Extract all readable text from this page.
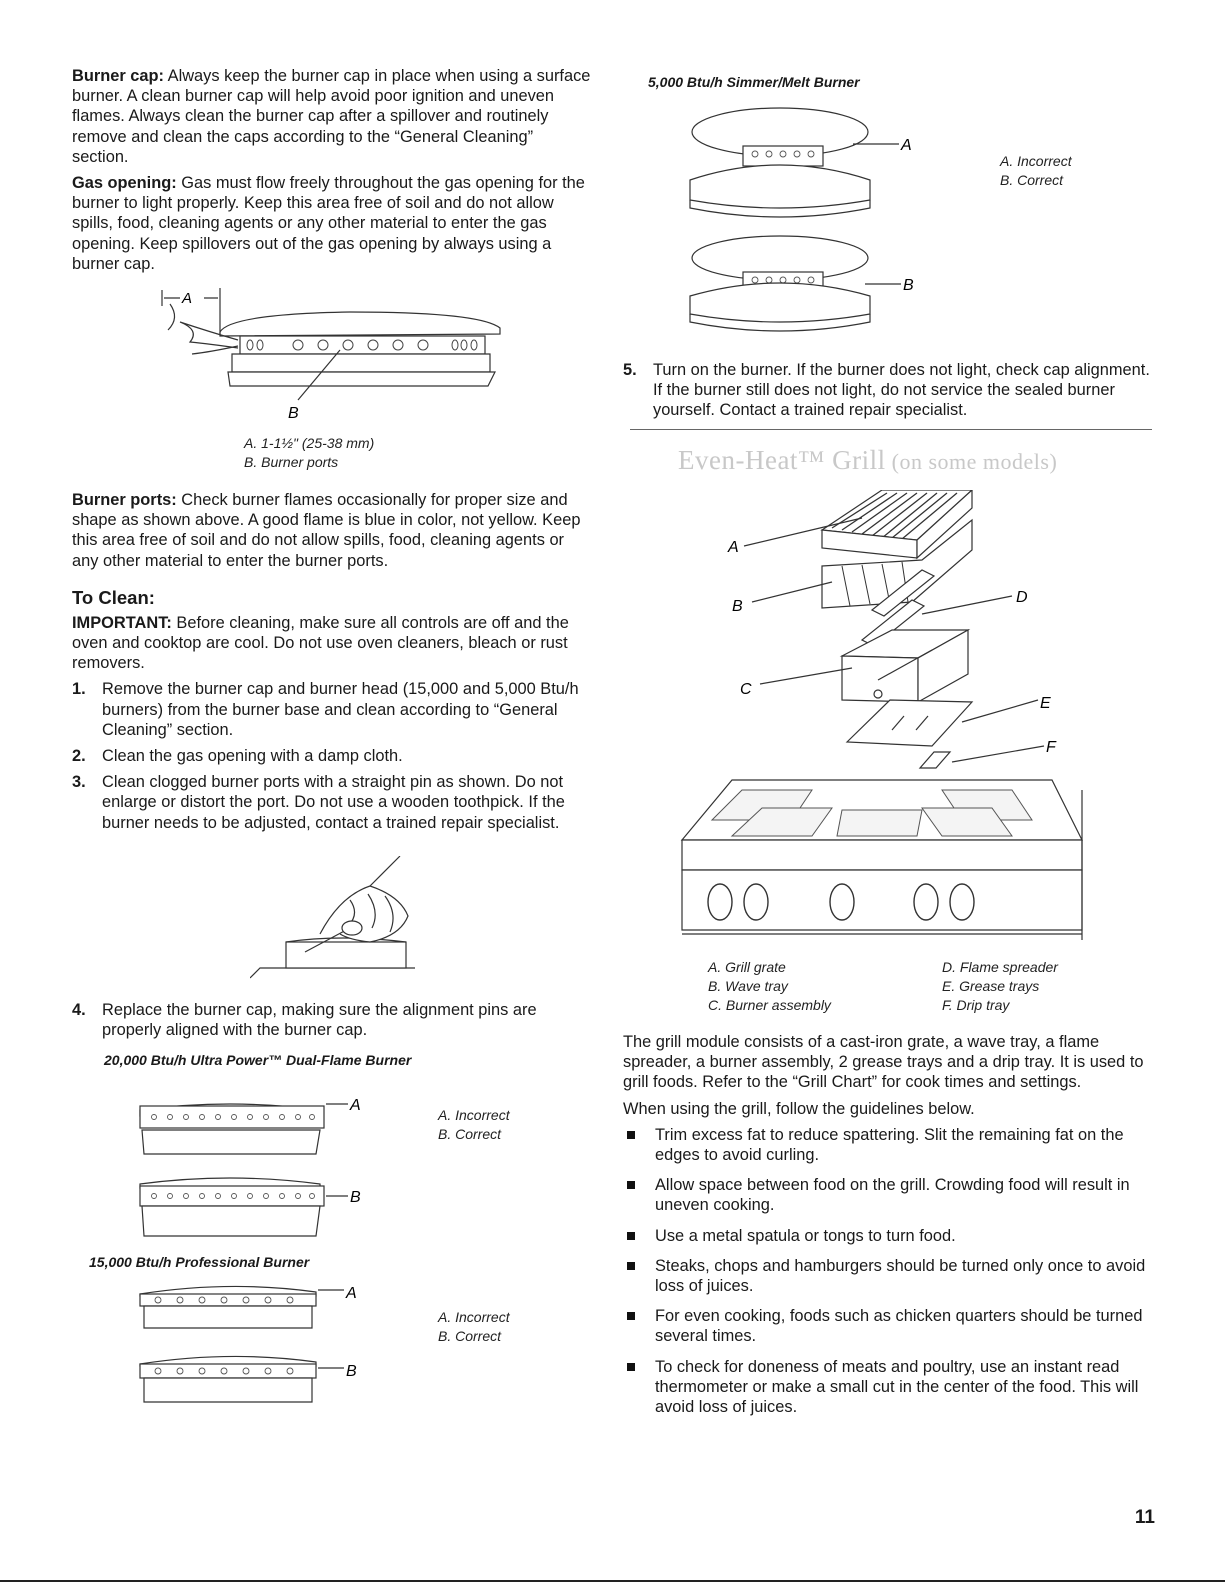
Burner cap: Always keep the burner cap in place when using a surface burner. A clean burner cap will help avoid poor ignition and uneven flames. Always clean the burner cap after a spillover and routinely remove and clean the caps according to the “General Cleaning” section.

Gas opening: Gas must flow freely throughout the gas opening for the burner to light properly. Keep this area free of soil and do not allow spills, food, cleaning agents or any other material to enter the gas opening. Keep spillovers out of the gas opening by always using a burner cap.

A
B
A. 1-1½" (25-38 mm)
B. Burner ports

Burner ports: Check burner flames occasionally for proper size and shape as shown above. A good flame is blue in color, not yellow. Keep this area free of soil and do not allow spills, food, cleaning agents or any other material to enter the burner ports.

To Clean:

IMPORTANT: Before cleaning, make sure all controls are off and the oven and cooktop are cool. Do not use oven cleaners, bleach or rust removers.

1. Remove the burner cap and burner head (15,000 and 5,000 Btu/h burners) from the burner base and clean according to “General Cleaning” section.
2. Clean the gas opening with a damp cloth.
3. Clean clogged burner ports with a straight pin as shown. Do not enlarge or distort the port. Do not use a wooden toothpick. If the burner needs to be adjusted, contact a trained repair specialist.
4. Replace the burner cap, making sure the alignment pins are properly aligned with the burner cap.
20,000 Btu/h Ultra Power™ Dual-Flame Burner
A
B
A. Incorrect
B. Correct
15,000 Btu/h Professional Burner
A
B
A. Incorrect
B. Correct
5,000 Btu/h Simmer/Melt Burner
A
B
A. Incorrect
B. Correct
5. Turn on the burner. If the burner does not light, check cap alignment. If the burner still does not light, do not service the sealed burner yourself. Contact a trained repair specialist.
Even-Heat™ Grill (on some models)
A
B
D
C
E
F
A. Grill grate
B. Wave tray
C. Burner assembly
D. Flame spreader
E. Grease trays
F. Drip tray

The grill module consists of a cast-iron grate, a wave tray, a flame spreader, a burner assembly, 2 grease trays and a drip tray. It is used to grill foods. Refer to the “Grill Chart” for cook times and settings.

When using the grill, follow the guidelines below.

Trim excess fat to reduce spattering. Slit the remaining fat on the edges to avoid curling.
Allow space between food on the grill. Crowding food will result in uneven cooking.
Use a metal spatula or tongs to turn food.
Steaks, chops and hamburgers should be turned only once to avoid loss of juices.
For even cooking, foods such as chicken quarters should be turned several times.
To check for doneness of meats and poultry, use an instant read thermometer or make a small cut in the center of the food. This will avoid loss of juices.
11
